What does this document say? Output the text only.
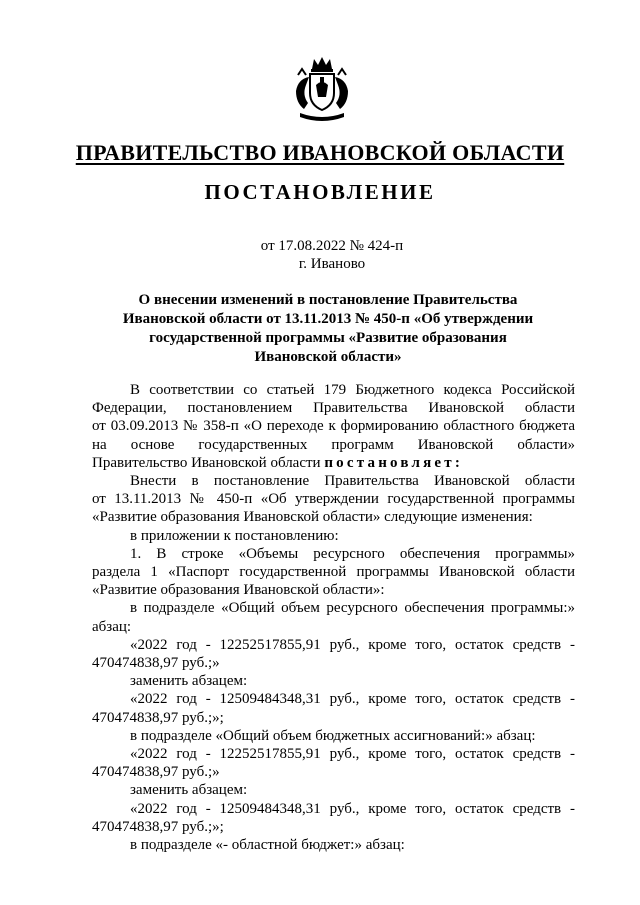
ПРАВИТЕЛЬСТВО ИВАНОВСКОЙ ОБЛАСТИ
ПОСТАНОВЛЕНИЕ
от 17.08.2022 № 424-п
г. Иваново
О внесении изменений в постановление Правительства
Ивановской области от 13.11.2013 № 450-п «Об утверждении
государственной программы «Развитие образования
Ивановской области»

В соответствии со статьей 179 Бюджетного кодекса Российской

Федерации, постановлением Правительства Ивановской области

от 03.09.2013 № 358-п «О переходе к формированию областного бюджета

на основе государственных программ Ивановской области»

Правительство Ивановской области постановляет:

Внести в постановление Правительства Ивановской области

от 13.11.2013 № 450-п «Об утверждении государственной программы

«Развитие образования Ивановской области» следующие изменения:

в приложении к постановлению:

1. В строке «Объемы ресурсного обеспечения программы»

раздела 1 «Паспорт государственной программы Ивановской области

«Развитие образования Ивановской области»:

в подразделе «Общий объем ресурсного обеспечения программы:»

абзац:

«2022 год - 12252517855,91 руб., кроме того, остаток средств -

470474838,97 руб.;»

заменить абзацем:

«2022 год - 12509484348,31 руб., кроме того, остаток средств -

470474838,97 руб.;»;

в подразделе «Общий объем бюджетных ассигнований:» абзац:

«2022 год - 12252517855,91 руб., кроме того, остаток средств -

470474838,97 руб.;»

заменить абзацем:

«2022 год - 12509484348,31 руб., кроме того, остаток средств -

470474838,97 руб.;»;

в подразделе «- областной бюджет:» абзац:
